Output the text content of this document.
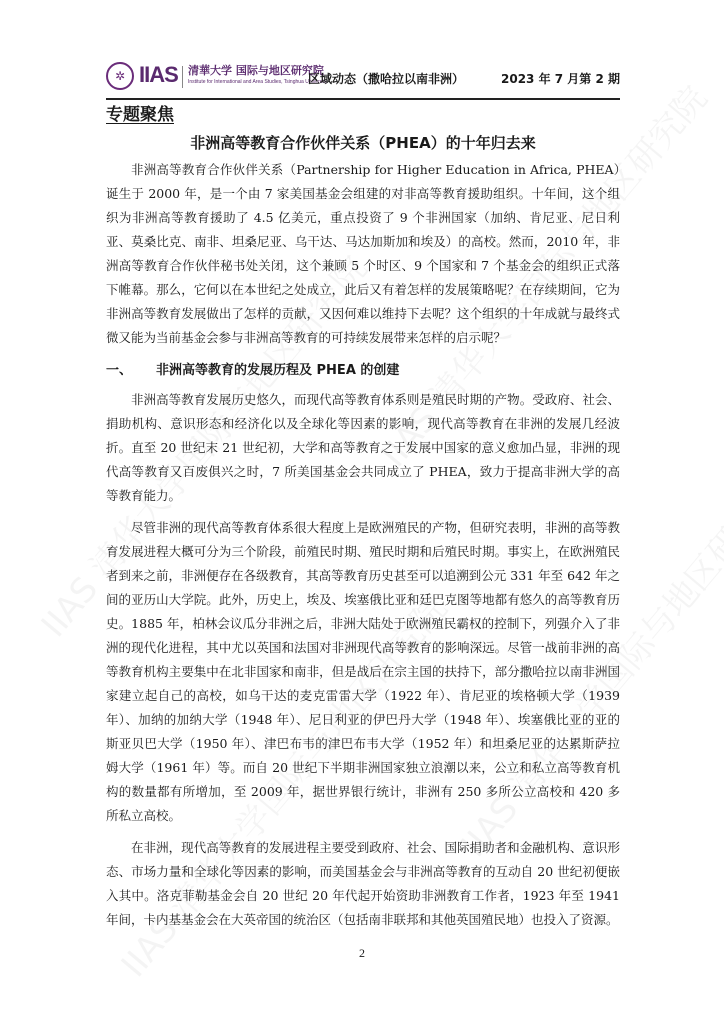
✲ IIAS 清華大学 国际与地区研究院
Institute for International and Area Studies, Tsinghua University
区域动态（撒哈拉以南非洲）	2023 年 7 月第 2 期
专题聚焦
非洲高等教育合作伙伴关系（PHEA）的十年归去来

非洲高等教育合作伙伴关系（Partnership for Higher Education in Africa, PHEA）诞生于 2000 年，是一个由 7 家美国基金会组建的对非高等教育援助组织。十年间，这个组织为非洲高等教育援助了 4.5 亿美元，重点投资了 9 个非洲国家（加纳、肯尼亚、尼日利亚、莫桑比克、南非、坦桑尼亚、乌干达、马达加斯加和埃及）的高校。然而，2010 年，非洲高等教育合作伙伴秘书处关闭，这个兼顾 5 个时区、9 个国家和 7 个基金会的组织正式落下帷幕。那么，它何以在本世纪之处成立，此后又有着怎样的发展策略呢？在存续期间，它为非洲高等教育发展做出了怎样的贡献，又因何难以维持下去呢？这个组织的十年成就与最终式微又能为当前基金会参与非洲高等教育的可持续发展带来怎样的启示呢？

一、 非洲高等教育的发展历程及 PHEA 的创建

非洲高等教育发展历史悠久，而现代高等教育体系则是殖民时期的产物。受政府、社会、捐助机构、意识形态和经济化以及全球化等因素的影响，现代高等教育在非洲的发展几经波折。直至 20 世纪末 21 世纪初，大学和高等教育之于发展中国家的意义愈加凸显，非洲的现代高等教育又百废俱兴之时，7 所美国基金会共同成立了 PHEA，致力于提高非洲大学的高等教育能力。

尽管非洲的现代高等教育体系很大程度上是欧洲殖民的产物，但研究表明，非洲的高等教育发展进程大概可分为三个阶段，前殖民时期、殖民时期和后殖民时期。事实上，在欧洲殖民者到来之前，非洲便存在各级教育，其高等教育历史甚至可以追溯到公元 331 年至 642 年之间的亚历山大学院。此外，历史上，埃及、埃塞俄比亚和廷巴克图等地都有悠久的高等教育历史。1885 年，柏林会议瓜分非洲之后，非洲大陆处于欧洲殖民霸权的控制下，列强介入了非洲的现代化进程，其中尤以英国和法国对非洲现代高等教育的影响深远。尽管一战前非洲的高等教育机构主要集中在北非国家和南非，但是战后在宗主国的扶持下，部分撒哈拉以南非洲国家建立起自己的高校，如乌干达的麦克雷雷大学（1922 年）、肯尼亚的埃格顿大学（1939 年）、加纳的加纳大学（1948 年）、尼日利亚的伊巴丹大学（1948 年）、埃塞俄比亚的亚的斯亚贝巴大学（1950 年）、津巴布韦的津巴布韦大学（1952 年）和坦桑尼亚的达累斯萨拉姆大学（1961 年）等。而自 20 世纪下半期非洲国家独立浪潮以来，公立和私立高等教育机构的数量都有所增加，至 2009 年，据世界银行统计，非洲有 250 多所公立高校和 420 多所私立高校。

在非洲，现代高等教育的发展进程主要受到政府、社会、国际捐助者和金融机构、意识形态、市场力量和全球化等因素的影响，而美国基金会与非洲高等教育的互动自 20 世纪初便嵌入其中。洛克菲勒基金会自 20 世纪 20 年代起开始资助非洲教育工作者，1923 年至 1941 年间，卡内基基金会在大英帝国的统治区（包括南非联邦和其他英国殖民地）也投入了资源。

2
